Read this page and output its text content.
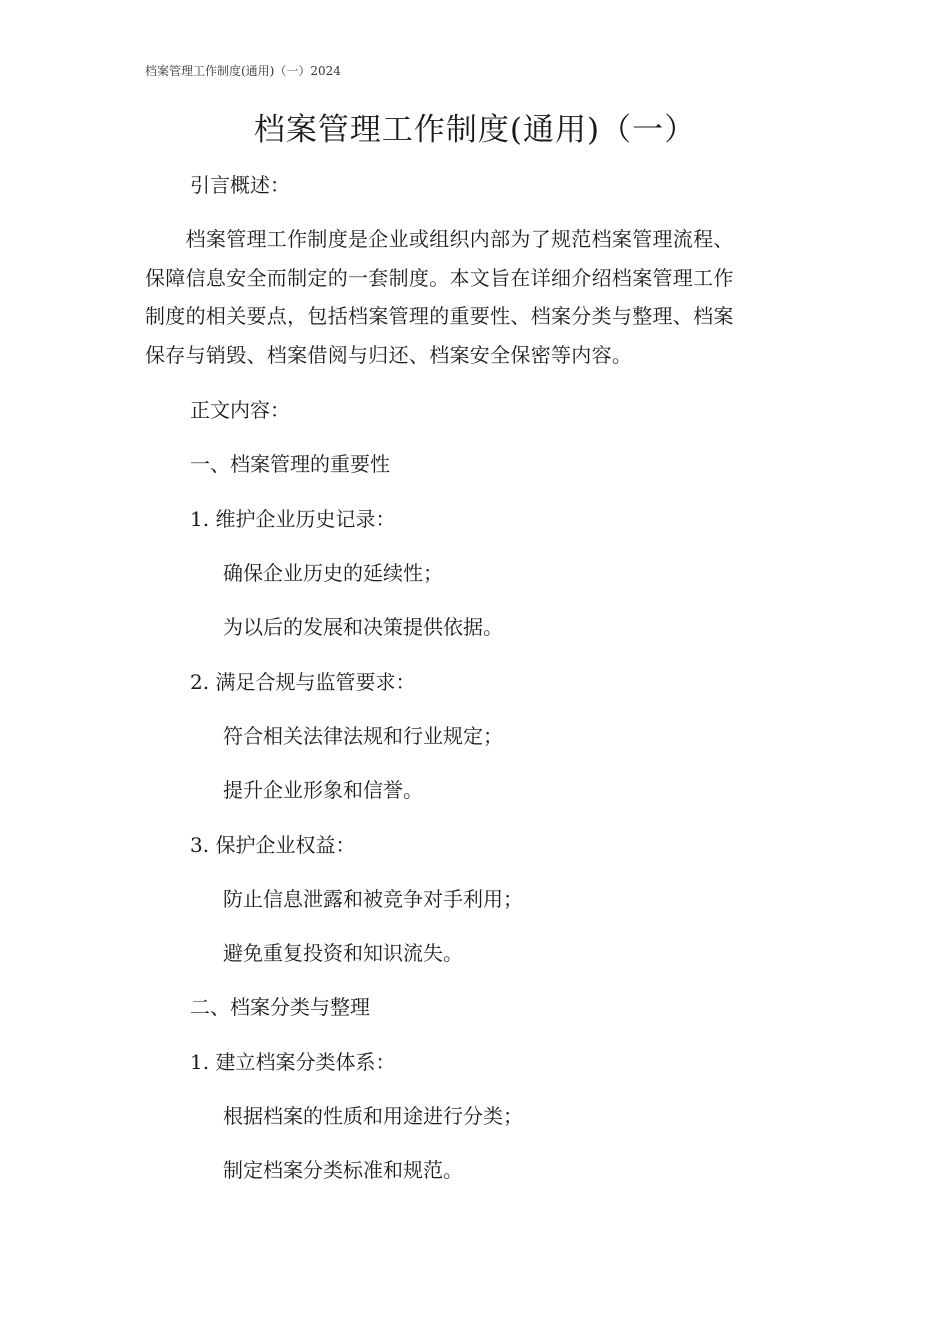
档案管理工作制度(通用)（一）2024
档案管理工作制度(通用)（一）
引言概述：

　　档案管理工作制度是企业或组织内部为了规范档案管理流程、

保障信息安全而制定的一套制度。本文旨在详细介绍档案管理工作

制度的相关要点，包括档案管理的重要性、档案分类与整理、档案

保存与销毁、档案借阅与归还、档案安全保密等内容。

正文内容：
一、档案管理的重要性
1. 维护企业历史记录：
确保企业历史的延续性；
为以后的发展和决策提供依据。
2. 满足合规与监管要求：
符合相关法律法规和行业规定；
提升企业形象和信誉。
3. 保护企业权益：
防止信息泄露和被竞争对手利用；
避免重复投资和知识流失。
二、档案分类与整理
1. 建立档案分类体系：
根据档案的性质和用途进行分类；
制定档案分类标准和规范。
